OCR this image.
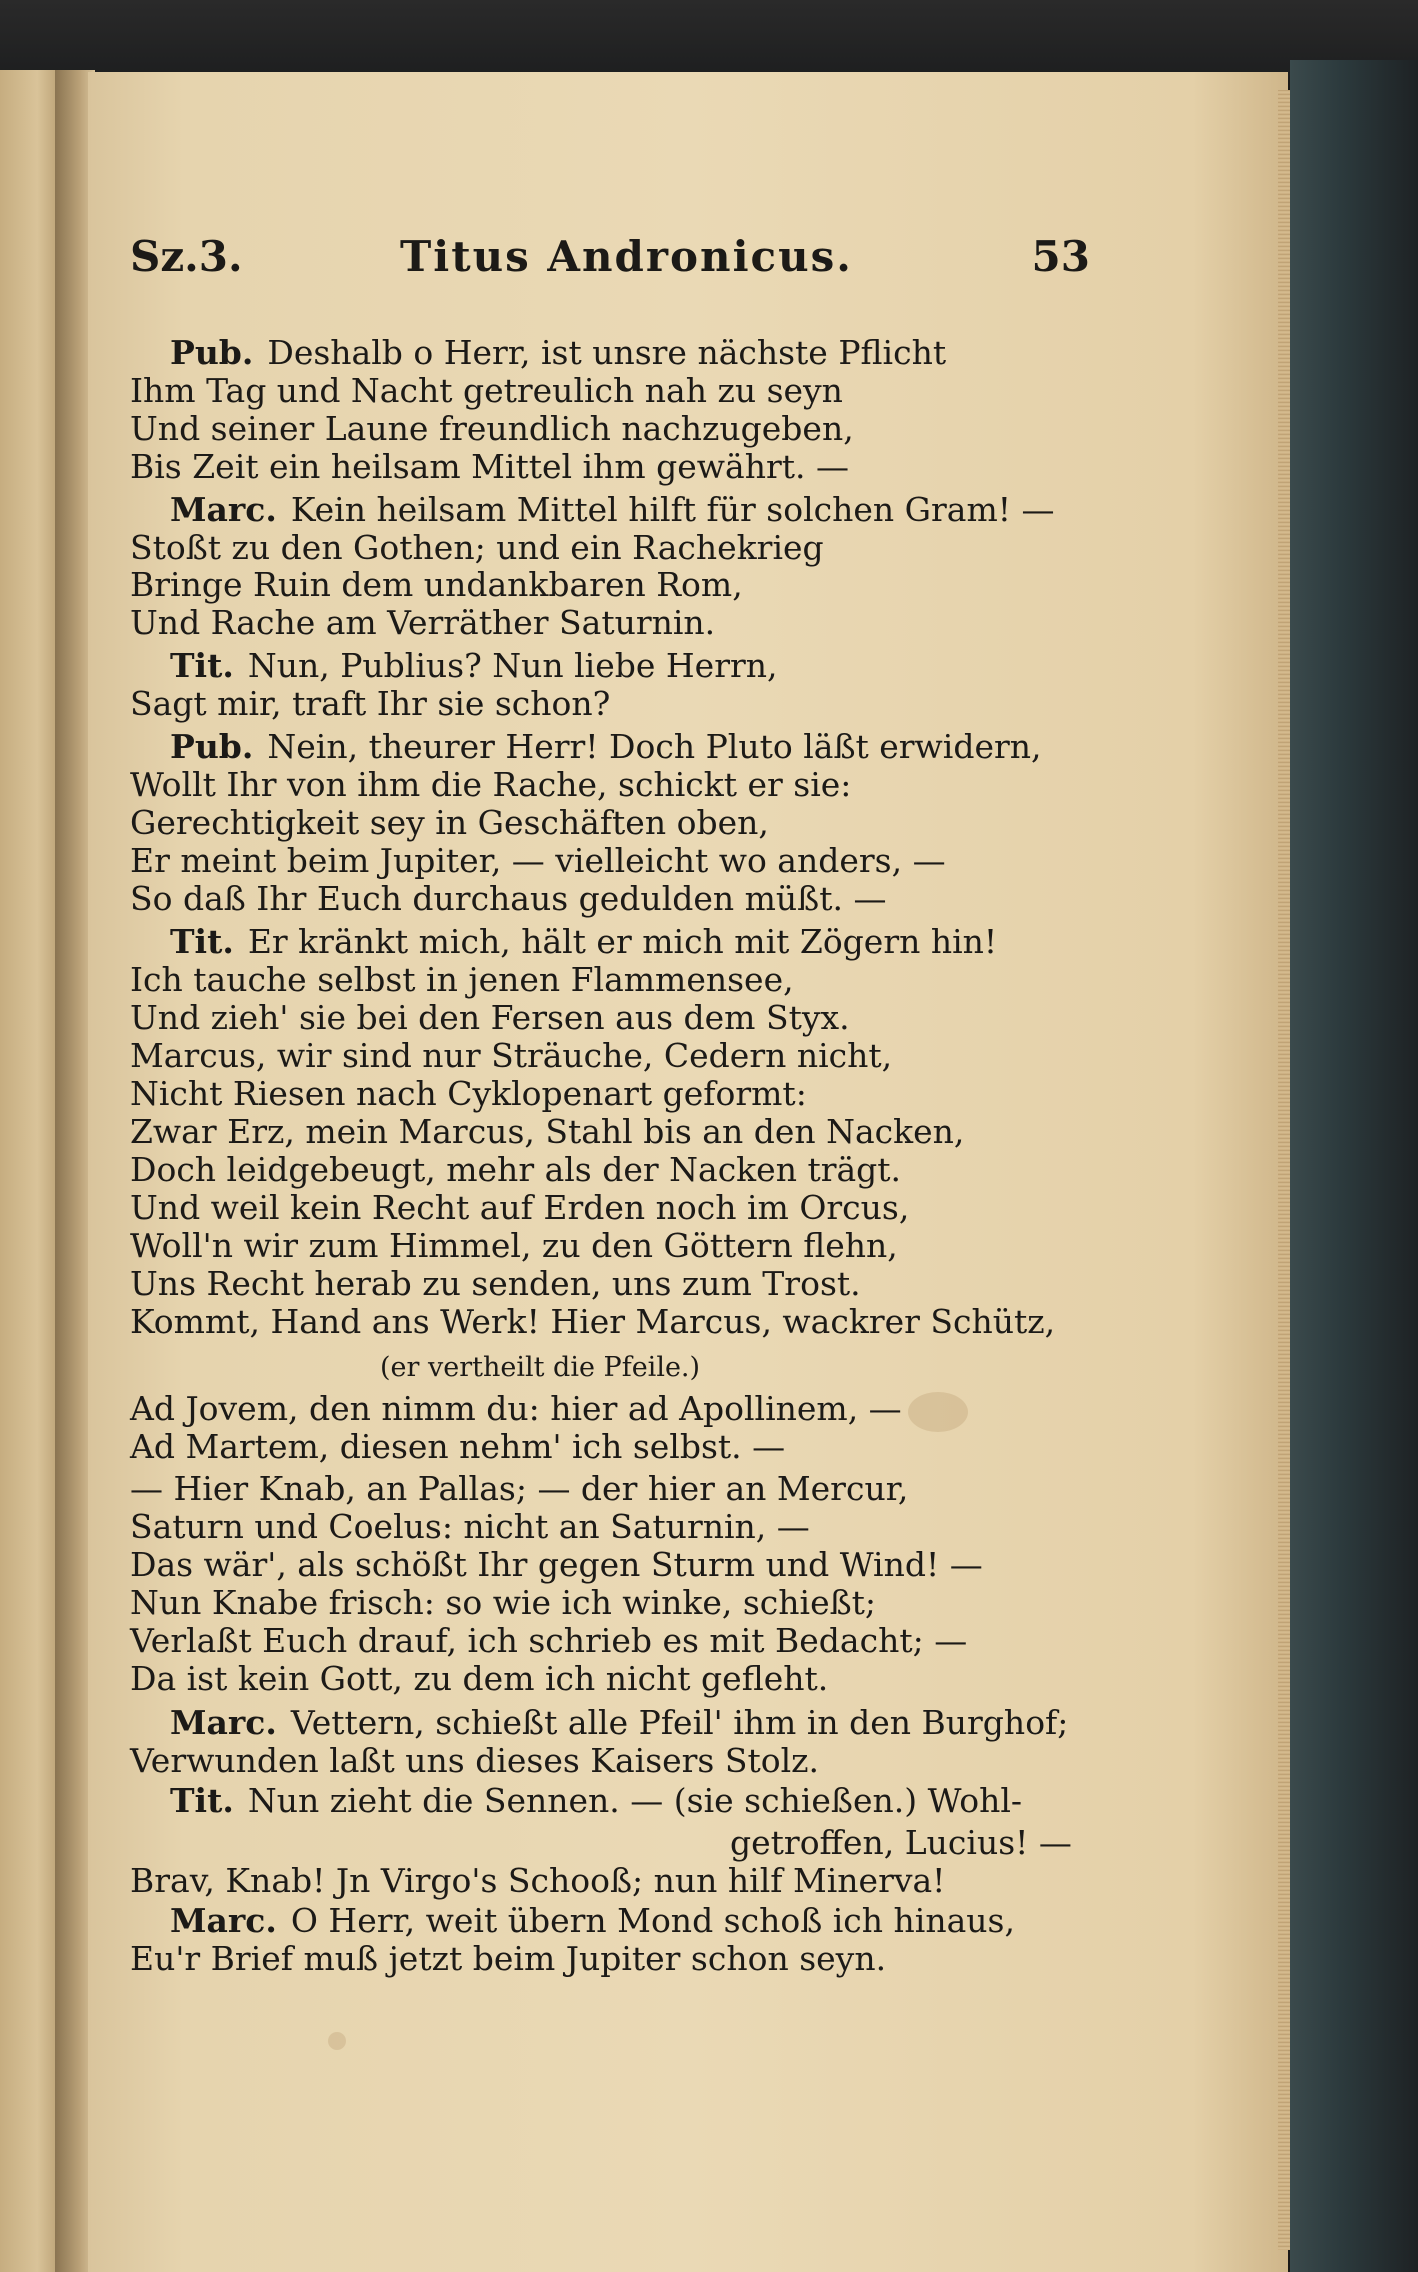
Sz.3.	Titus Andronicus.	53
Pub. Deshalb o Herr, ist unsre nächste Pflicht
Ihm Tag und Nacht getreulich nah zu seyn
Und seiner Laune freundlich nachzugeben,
Bis Zeit ein heilsam Mittel ihm gewährt. —
Marc. Kein heilsam Mittel hilft für solchen Gram! —
Stoßt zu den Gothen; und ein Rachekrieg
Bringe Ruin dem undankbaren Rom,
Und Rache am Verräther Saturnin.
Tit. Nun, Publius? Nun liebe Herrn,
Sagt mir, traft Ihr sie schon?
Pub. Nein, theurer Herr! Doch Pluto läßt erwidern,
Wollt Ihr von ihm die Rache, schickt er sie:
Gerechtigkeit sey in Geschäften oben,
Er meint beim Jupiter, — vielleicht wo anders, —
So daß Ihr Euch durchaus gedulden müßt. —
Tit. Er kränkt mich, hält er mich mit Zögern hin!
Ich tauche selbst in jenen Flammensee,
Und zieh' sie bei den Fersen aus dem Styx.
Marcus, wir sind nur Sträuche, Cedern nicht,
Nicht Riesen nach Cyklopenart geformt:
Zwar Erz, mein Marcus, Stahl bis an den Nacken,
Doch leidgebeugt, mehr als der Nacken trägt.
Und weil kein Recht auf Erden noch im Orcus,
Woll'n wir zum Himmel, zu den Göttern flehn,
Uns Recht herab zu senden, uns zum Trost.
Kommt, Hand ans Werk! Hier Marcus, wackrer Schütz,
(er vertheilt die Pfeile.)
Ad Jovem, den nimm du: hier ad Apollinem, —
Ad Martem, diesen nehm' ich selbst. —
— Hier Knab, an Pallas; — der hier an Mercur,
Saturn und Coelus: nicht an Saturnin, —
Das wär', als schößt Ihr gegen Sturm und Wind! —
Nun Knabe frisch: so wie ich winke, schießt;
Verlaßt Euch drauf, ich schrieb es mit Bedacht; —
Da ist kein Gott, zu dem ich nicht gefleht.
Marc. Vettern, schießt alle Pfeil' ihm in den Burghof;
Verwunden laßt uns dieses Kaisers Stolz.
Tit. Nun zieht die Sennen. — (sie schießen.) Wohl-
getroffen, Lucius! —
Brav, Knab! Jn Virgo's Schooß; nun hilf Minerva!
Marc. O Herr, weit übern Mond schoß ich hinaus,
Eu'r Brief muß jetzt beim Jupiter schon seyn.
